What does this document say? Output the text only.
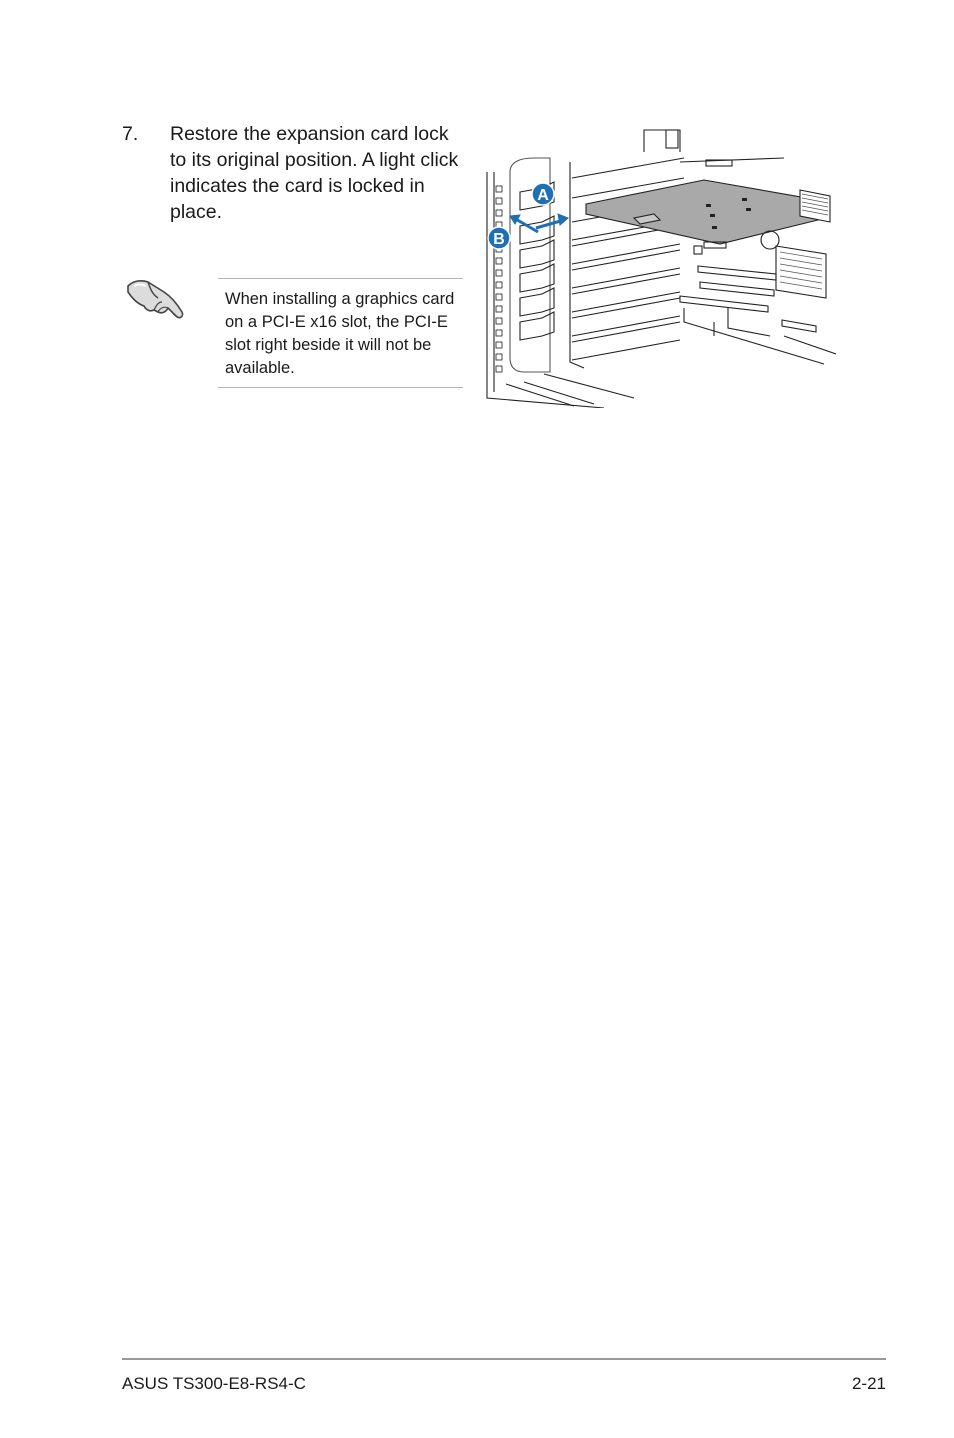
7. Restore the expansion card lock to its original position. A light click indicates the card is locked in place.
When installing a graphics card on a PCI-E x16 slot, the PCI-E slot right beside it will not be available.
A
B
ASUS TS300-E8-RS4-C	2-21
